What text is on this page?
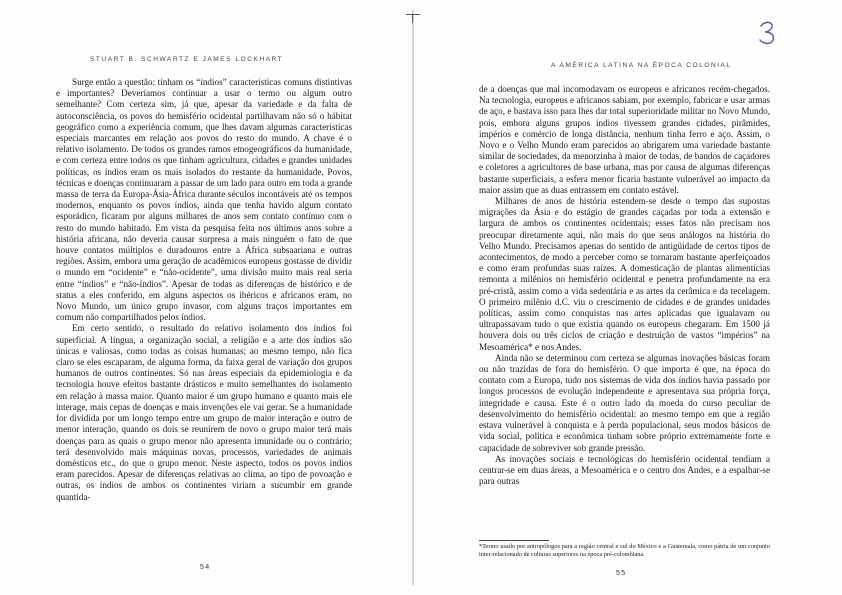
STUART B. SCHWARTZ E JAMES LOCKHART

Surge então a questão: tinham os “índios” características comuns distintivas e importantes? Deveríamos continuar a usar o termo ou algum outro semelhante? Com certeza sim, já que, apesar da variedade e da falta de autoconsciência, os povos do hemisfério ocidental partilhavam não só o hábitat geográfico como a experiência comum, que lhes davam algumas características especiais marcantes em relação aos povos do resto do mundo. A chave é o relativo isolamento. De todos os grandes ramos etnogeográficos da humanidade, e com certeza entre todos os que tinham agricultura, cidades e grandes unidades políticas, os índios eram os mais isolados do restante da humanidade. Povos, técnicas e doenças continuaram a passar de um lado para outro em toda a grande massa de terra da Europa-Ásia-África durante séculos incontáveis até os tempos modernos, enquanto os povos índios, ainda que tenha havido algum contato esporádico, ficaram por alguns milhares de anos sem contato contínuo com o resto do mundo habitado. Em vista da pesquisa feita nos últimos anos sobre a história africana, não deveria causar surpresa a mais ninguém o fato de que houve contatos múltiplos e duradouros entre a África subsaariana e outras regiões. Assim, embora uma geração de acadêmicos europeus gostasse de dividir o mundo em “ocidente” e “não-ocidente”, uma divisão muito mais real seria entre “índios” e “não-índios”. Apesar de todas as diferenças de histórico e de status a eles conferido, em alguns aspectos os ibéricos e africanos eram, no Novo Mundo, um único grupo invasor, com alguns traços importantes em comum não compartilhados pelos índios.

Em certo sentido, o resultado do relativo isolamento dos índios foi superficial. A língua, a organização social, a religião e a arte dos índios são únicas e valiosas, como todas as coisas humanas; ao mesmo tempo, não fica claro se eles escaparam, de alguma forma, da faixa geral de variação dos grupos humanos de outros continentes. Só nas áreas especiais da epidemiologia e da tecnologia houve efeitos bastante drásticos e muito semelhantes do isolamento em relação à massa maior. Quanto maior é um grupo humano e quanto mais ele interage, mais cepas de doenças e mais invenções ele vai gerar. Se a humanidade for dividida por um longo tempo entre um grupo de maior interação e outro de menor interação, quando os dois se reunirem de novo o grupo maior terá mais doenças para as quais o grupo menor não apresenta imunidade ou o contrário; terá desenvolvido mais máquinas novas, processos, variedades de animais domésticos etc., do que o grupo menor. Neste aspecto, todos os povos índios eram parecidos. Apesar de diferenças relativas ao clima, ao tipo de povoação e outras, os índios de ambos os continentes viriam a sucumbir em grande quantida-

54
A AMÉRICA LATINA NA ÉPOCA COLONIAL

de a doenças que mal incomodavam os europeus e africanos recém-chegados. Na tecnologia, europeus e africanos sabiam, por exemplo, fabricar e usar armas de aço, e bastava isso para lhes dar total superioridade militar no Novo Mundo, pois, embora alguns grupos índios tivessem grandes cidades, pirâmides, impérios e comércio de longa distância, nenhum tinha ferro e aço. Assim, o Novo e o Velho Mundo eram parecidos ao abrigarem uma variedade bastante similar de sociedades, da menorzinha à maior de todas, de bandos de caçadores e coletores a agricultores de base urbana, mas por causa de algumas diferenças bastante superficiais, a esfera menor ficaria bastante vulnerável ao impacto da maior assim que as duas entrassem em contato estável.

Milhares de anos de história estendem-se desde o tempo das supostas migrações da Ásia e do estágio de grandes caçadas por toda a extensão e largura de ambos os continentes ocidentais; esses fatos não precisam nos preocupar diretamente aqui, não mais do que seus análogos na história do Velho Mundo. Precisamos apenas do sentido de antigüidade de certos tipos de acontecimentos, de modo a perceber como se tornaram bastante aperfeiçoados e como eram profundas suas raízes. A domesticação de plantas alimentícias remonta a milênios no hemisfério ocidental e penetra profundamente na era pré-cristã, assim como a vida sedentária e as artes da cerâmica e da tecelagem. O primeiro milênio d.C. viu o crescimento de cidades e de grandes unidades políticas, assim como conquistas nas artes aplicadas que igualavam ou ultrapassavam tudo o que existia quando os europeus chegaram. Em 1500 já houvera dois ou três ciclos de criação e destruição de vastos “impérios” na Mesoamérica* e nos Andes.

Ainda não se determinou com certeza se algumas inovações básicas foram ou não trazidas de fora do hemisfério. O que importa é que, na época do contato com a Europa, tudo nos sistemas de vida dos índios havia passado por longos processos de evolução independente e apresentava sua própria força, integridade e causa. Este é o outro lado da moeda do curso peculiar de desenvolvimento do hemisfério ocidental: ao mesmo tempo em que a região estava vulnerável à conquista e à perda populacional, seus modos básicos de vida social, política e econômica tinham sobre próprio extremamente forte e capacidade de sobreviver sob grande pressão.

As inovações sociais e tecnológicas do hemisfério ocidental tendiam a centrar-se em duas áreas, a Mesoamérica e o centro dos Andes, e a espalhar-se para outras

*Termo usado por antropólogos para a região central e sul do México e a Guatemala, como pátria de um conjunto inter-relacionado de culturas superiores na época pré-colombiana.
55
